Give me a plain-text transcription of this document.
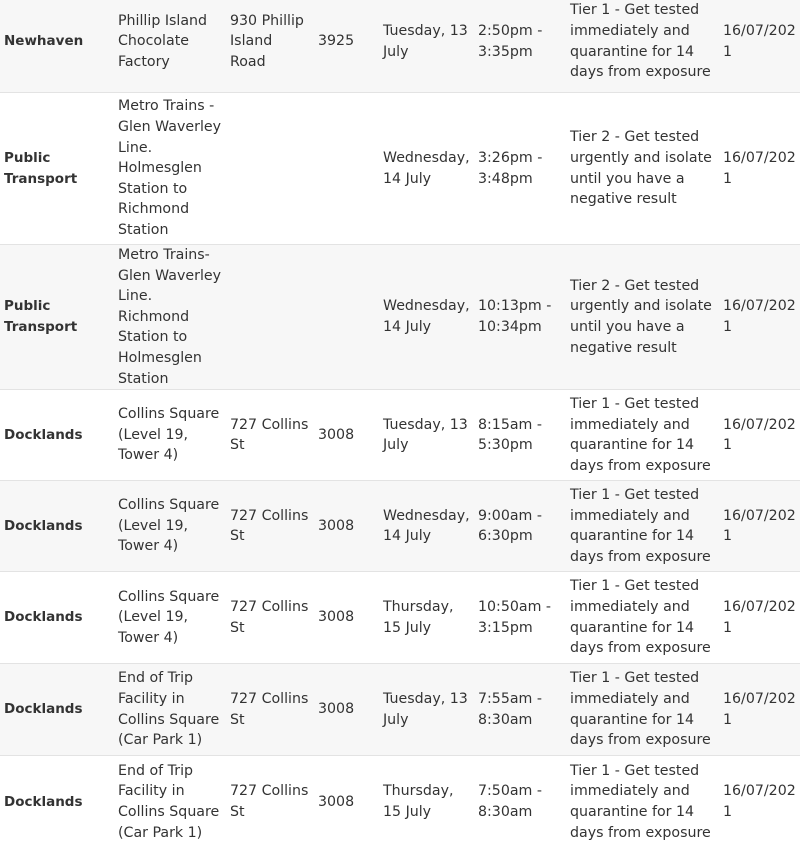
Newhaven	Phillip Island Chocolate Factory	930 Phillip Island Road	3925	Tuesday, 13 July	2:50pm - 3:35pm	Tier 1 - Get tested immediately and quarantine for 14 days from exposure	16/07/2021
Public Transport	Metro Trains - Glen Waverley Line. Holmesglen Station to Richmond Station			Wednesday, 14 July	3:26pm - 3:48pm	Tier 2 - Get tested urgently and isolate until you have a negative result	16/07/2021
Public Transport	Metro Trains- Glen Waverley Line. Richmond Station to Holmesglen Station			Wednesday, 14 July	10:13pm - 10:34pm	Tier 2 - Get tested urgently and isolate until you have a negative result	16/07/2021
Docklands	Collins Square (Level 19, Tower 4)	727 Collins St	3008	Tuesday, 13 July	8:15am - 5:30pm	Tier 1 - Get tested immediately and quarantine for 14 days from exposure	16/07/2021
Docklands	Collins Square (Level 19, Tower 4)	727 Collins St	3008	Wednesday, 14 July	9:00am - 6:30pm	Tier 1 - Get tested immediately and quarantine for 14 days from exposure	16/07/2021
Docklands	Collins Square (Level 19, Tower 4)	727 Collins St	3008	Thursday, 15 July	10:50am - 3:15pm	Tier 1 - Get tested immediately and quarantine for 14 days from exposure	16/07/2021
Docklands	End of Trip Facility in Collins Square (Car Park 1)	727 Collins St	3008	Tuesday, 13 July	7:55am - 8:30am	Tier 1 - Get tested immediately and quarantine for 14 days from exposure	16/07/2021
Docklands	End of Trip Facility in Collins Square (Car Park 1)	727 Collins St	3008	Thursday, 15 July	7:50am - 8:30am	Tier 1 - Get tested immediately and quarantine for 14 days from exposure	16/07/2021
